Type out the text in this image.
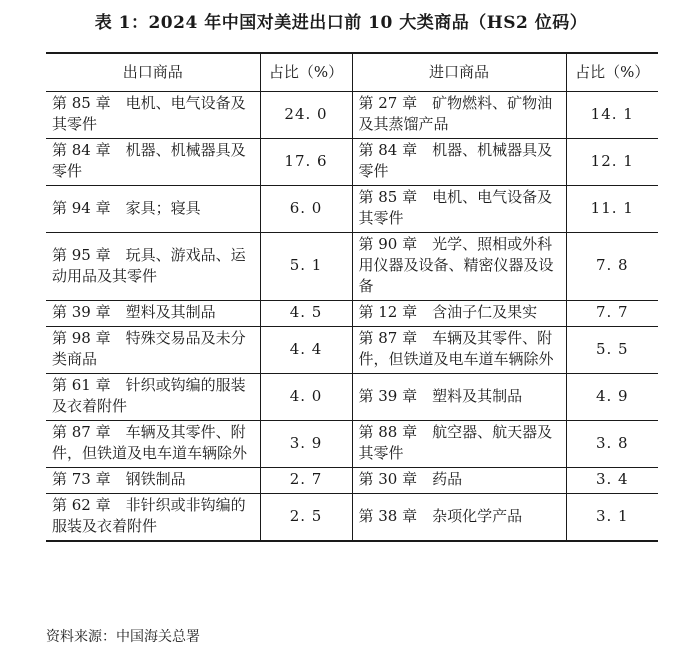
表 1：2024 年中国对美进出口前 10 大类商品（HS2 位码）
出口商品	占比（%）	进口商品	占比（%）
第 85 章　电机、电气设备及其零件	24. 0	第 27 章　矿物燃料、矿物油及其蒸馏产品	14. 1
第 84 章　机器、机械器具及零件	17. 6	第 84 章　机器、机械器具及零件	12. 1
第 94 章　家具；寝具	6. 0	第 85 章　电机、电气设备及其零件	11. 1
第 95 章　玩具、游戏品、运动用品及其零件	5. 1	第 90 章　光学、照相或外科用仪器及设备、精密仪器及设备	7. 8
第 39 章　塑料及其制品	4. 5	第 12 章　含油子仁及果实	7. 7
第 98 章　特殊交易品及未分类商品	4. 4	第 87 章　车辆及其零件、附件，但铁道及电车道车辆除外	5. 5
第 61 章　针织或钩编的服装及衣着附件	4. 0	第 39 章　塑料及其制品	4. 9
第 87 章　车辆及其零件、附件，但铁道及电车道车辆除外	3. 9	第 88 章　航空器、航天器及其零件	3. 8
第 73 章　钢铁制品	2. 7	第 30 章　药品	3. 4
第 62 章　非针织或非钩编的服装及衣着附件	2. 5	第 38 章　杂项化学产品	3. 1
资料来源：中国海关总署
